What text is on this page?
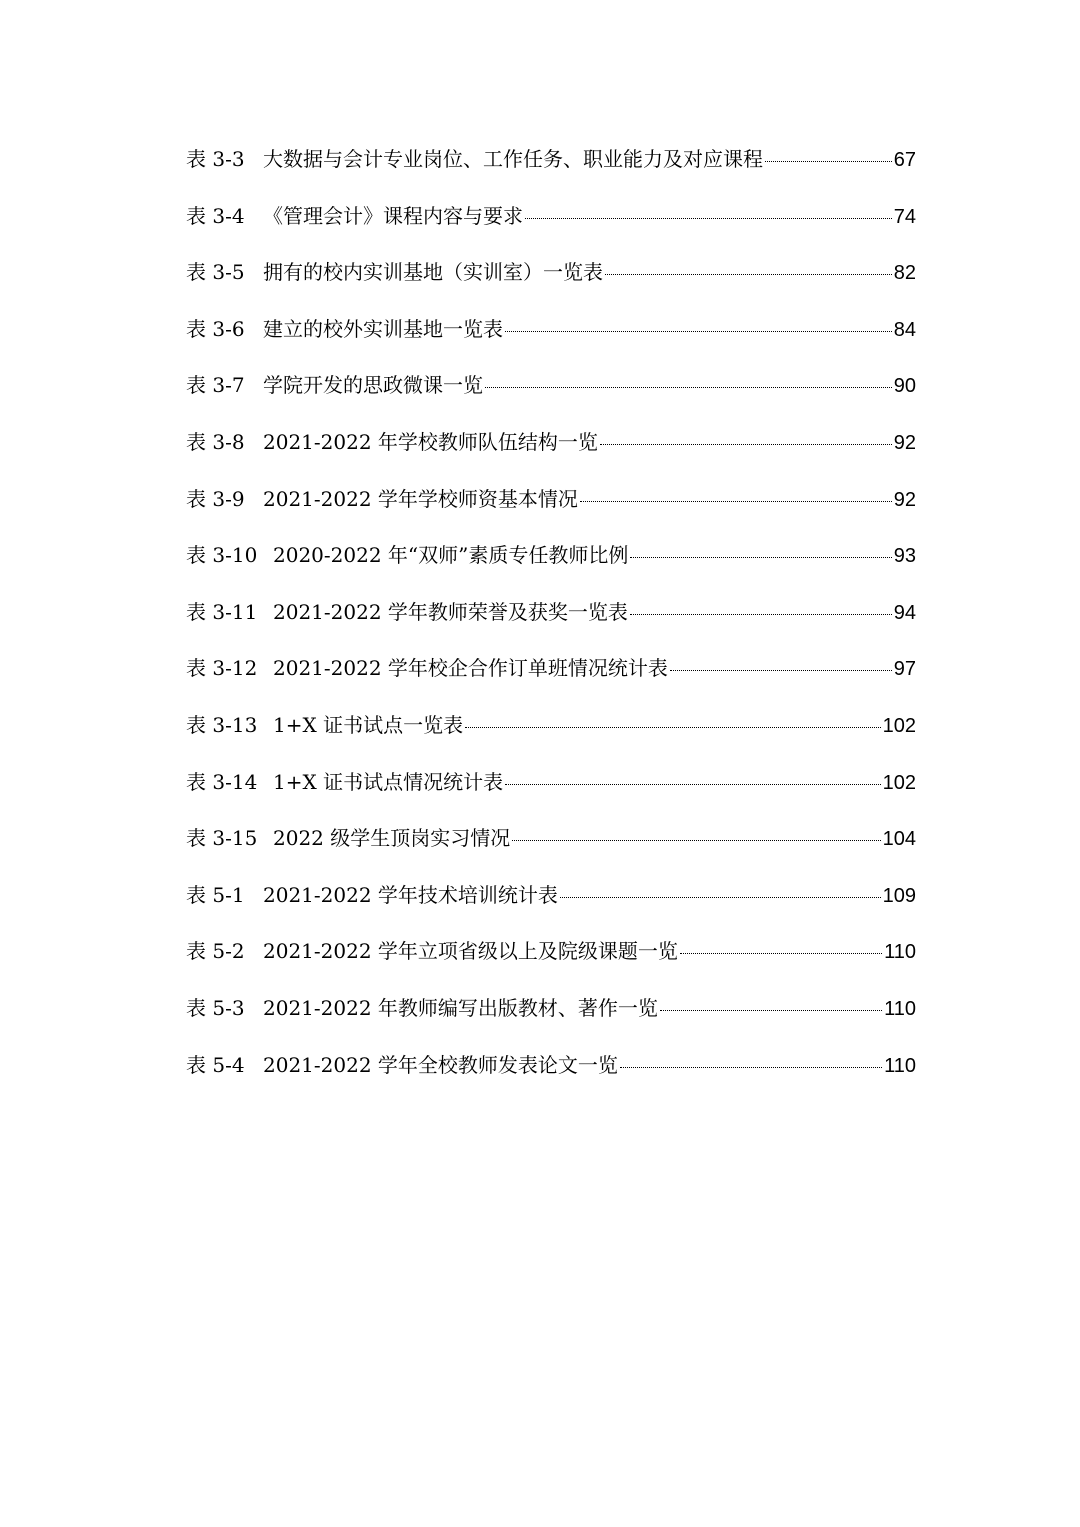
表 3-3 大数据与会计专业岗位、工作任务、职业能力及对应课程	67
表 3-4 《管理会计》课程内容与要求	74
表 3-5 拥有的校内实训基地（实训室）一览表	82
表 3-6 建立的校外实训基地一览表	84
表 3-7 学院开发的思政微课一览	90
表 3-8 2021-2022 年学校教师队伍结构一览	92
表 3-9 2021-2022 学年学校师资基本情况	92
表 3-10 2020-2022 年“双师”素质专任教师比例	93
表 3-11 2021-2022 学年教师荣誉及获奖一览表	94
表 3-12 2021-2022 学年校企合作订单班情况统计表	97
表 3-13 1+X 证书试点一览表	102
表 3-14 1+X 证书试点情况统计表	102
表 3-15 2022 级学生顶岗实习情况	104
表 5-1 2021-2022 学年技术培训统计表	109
表 5-2 2021-2022 学年立项省级以上及院级课题一览	110
表 5-3 2021-2022 年教师编写出版教材、著作一览	110
表 5-4 2021-2022 学年全校教师发表论文一览	110
